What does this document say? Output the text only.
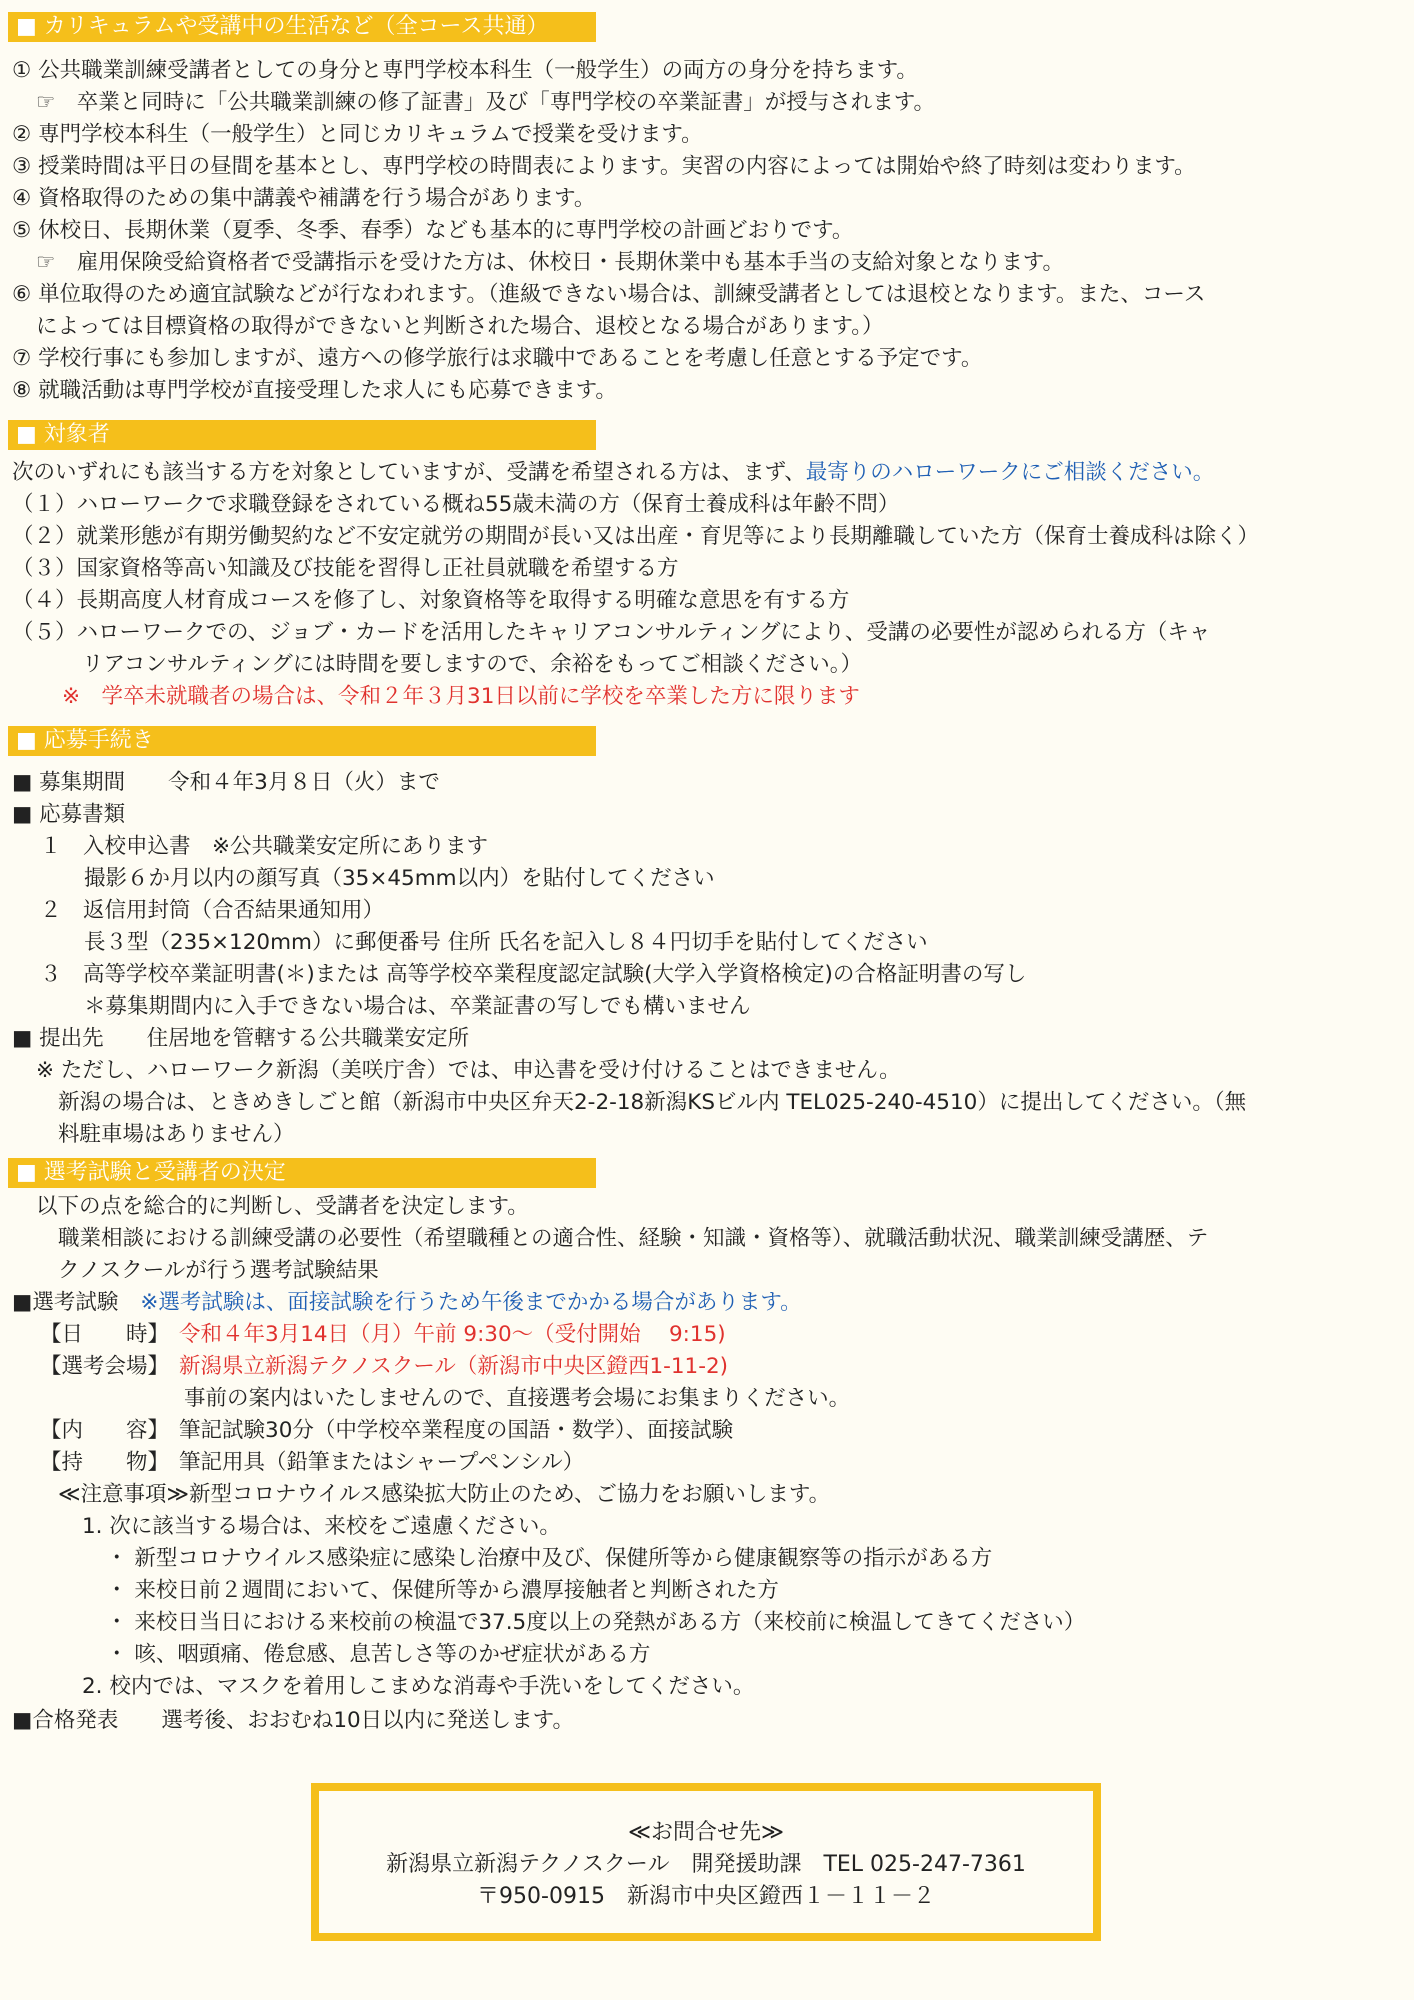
■ カリキュラムや受講中の生活など（全コース共通）
① 公共職業訓練受講者としての身分と専門学校本科生（一般学生）の両方の身分を持ちます。
☞　卒業と同時に「公共職業訓練の修了証書」及び「専門学校の卒業証書」が授与されます。
② 専門学校本科生（一般学生）と同じカリキュラムで授業を受けます。
③ 授業時間は平日の昼間を基本とし、専門学校の時間表によります。実習の内容によっては開始や終了時刻は変わります。
④ 資格取得のための集中講義や補講を行う場合があります。
⑤ 休校日、長期休業（夏季、冬季、春季）なども基本的に専門学校の計画どおりです。
☞　雇用保険受給資格者で受講指示を受けた方は、休校日・長期休業中も基本手当の支給対象となります。
⑥ 単位取得のため適宜試験などが行なわれます。（進級できない場合は、訓練受講者としては退校となります。また、コース
によっては目標資格の取得ができないと判断された場合、退校となる場合があります。）
⑦ 学校行事にも参加しますが、遠方への修学旅行は求職中であることを考慮し任意とする予定です。
⑧ 就職活動は専門学校が直接受理した求人にも応募できます。
■ 対象者
次のいずれにも該当する方を対象としていますが、受講を希望される方は、まず、最寄りのハローワークにご相談ください。
（１）ハローワークで求職登録をされている概ね55歳未満の方（保育士養成科は年齢不問）
（２）就業形態が有期労働契約など不安定就労の期間が長い又は出産・育児等により長期離職していた方（保育士養成科は除く）
（３）国家資格等高い知識及び技能を習得し正社員就職を希望する方
（４）長期高度人材育成コースを修了し、対象資格等を取得する明確な意思を有する方
（５）ハローワークでの、ジョブ・カードを活用したキャリアコンサルティングにより、受講の必要性が認められる方（キャ
リアコンサルティングには時間を要しますので、余裕をもってご相談ください。）
※　学卒未就職者の場合は、令和２年３月31日以前に学校を卒業した方に限ります
■ 応募手続き
■ 募集期間　　令和４年3月８日（火）まで
■ 応募書類
１　入校申込書　※公共職業安定所にあります
撮影６か月以内の顔写真（35×45mm以内）を貼付してください
２　返信用封筒（合否結果通知用）
長３型（235×120mm）に郵便番号 住所 氏名を記入し８４円切手を貼付してください
３　高等学校卒業証明書(＊)または 高等学校卒業程度認定試験(大学入学資格検定)の合格証明書の写し
＊募集期間内に入手できない場合は、卒業証書の写しでも構いません
■ 提出先　　住居地を管轄する公共職業安定所
※ ただし、ハローワーク新潟（美咲庁舎）では、申込書を受け付けることはできません。
新潟の場合は、ときめきしごと館（新潟市中央区弁天2-2-18新潟KSビル内 TEL025-240-4510）に提出してください。（無
料駐車場はありません）
■ 選考試験と受講者の決定
以下の点を総合的に判断し、受講者を決定します。
職業相談における訓練受講の必要性（希望職種との適合性、経験・知識・資格等）、就職活動状況、職業訓練受講歴、テ
クノスクールが行う選考試験結果
■選考試験 ※選考試験は、面接試験を行うため午後までかかる場合があります。
【日　　時】 令和４年3月14日（月）午前 9:30〜（受付開始　 9:15)
【選考会場】 新潟県立新潟テクノスクール（新潟市中央区鐙西1-11-2)
事前の案内はいたしませんので、直接選考会場にお集まりください。
【内　　容】 筆記試験30分（中学校卒業程度の国語・数学）、面接試験
【持　　物】 筆記用具（鉛筆またはシャープペンシル）
≪注意事項≫新型コロナウイルス感染拡大防止のため、ご協力をお願いします。
1. 次に該当する場合は、来校をご遠慮ください。
・ 新型コロナウイルス感染症に感染し治療中及び、保健所等から健康観察等の指示がある方
・ 来校日前２週間において、保健所等から濃厚接触者と判断された方
・ 来校日当日における来校前の検温で37.5度以上の発熱がある方（来校前に検温してきてください）
・ 咳、咽頭痛、倦怠感、息苦しさ等のかぜ症状がある方
2. 校内では、マスクを着用しこまめな消毒や手洗いをしてください。
■合格発表　　選考後、おおむね10日以内に発送します。
≪お問合せ先≫
新潟県立新潟テクノスクール　開発援助課　TEL 025-247-7361
〒950-0915　新潟市中央区鐙西１－１１－２
